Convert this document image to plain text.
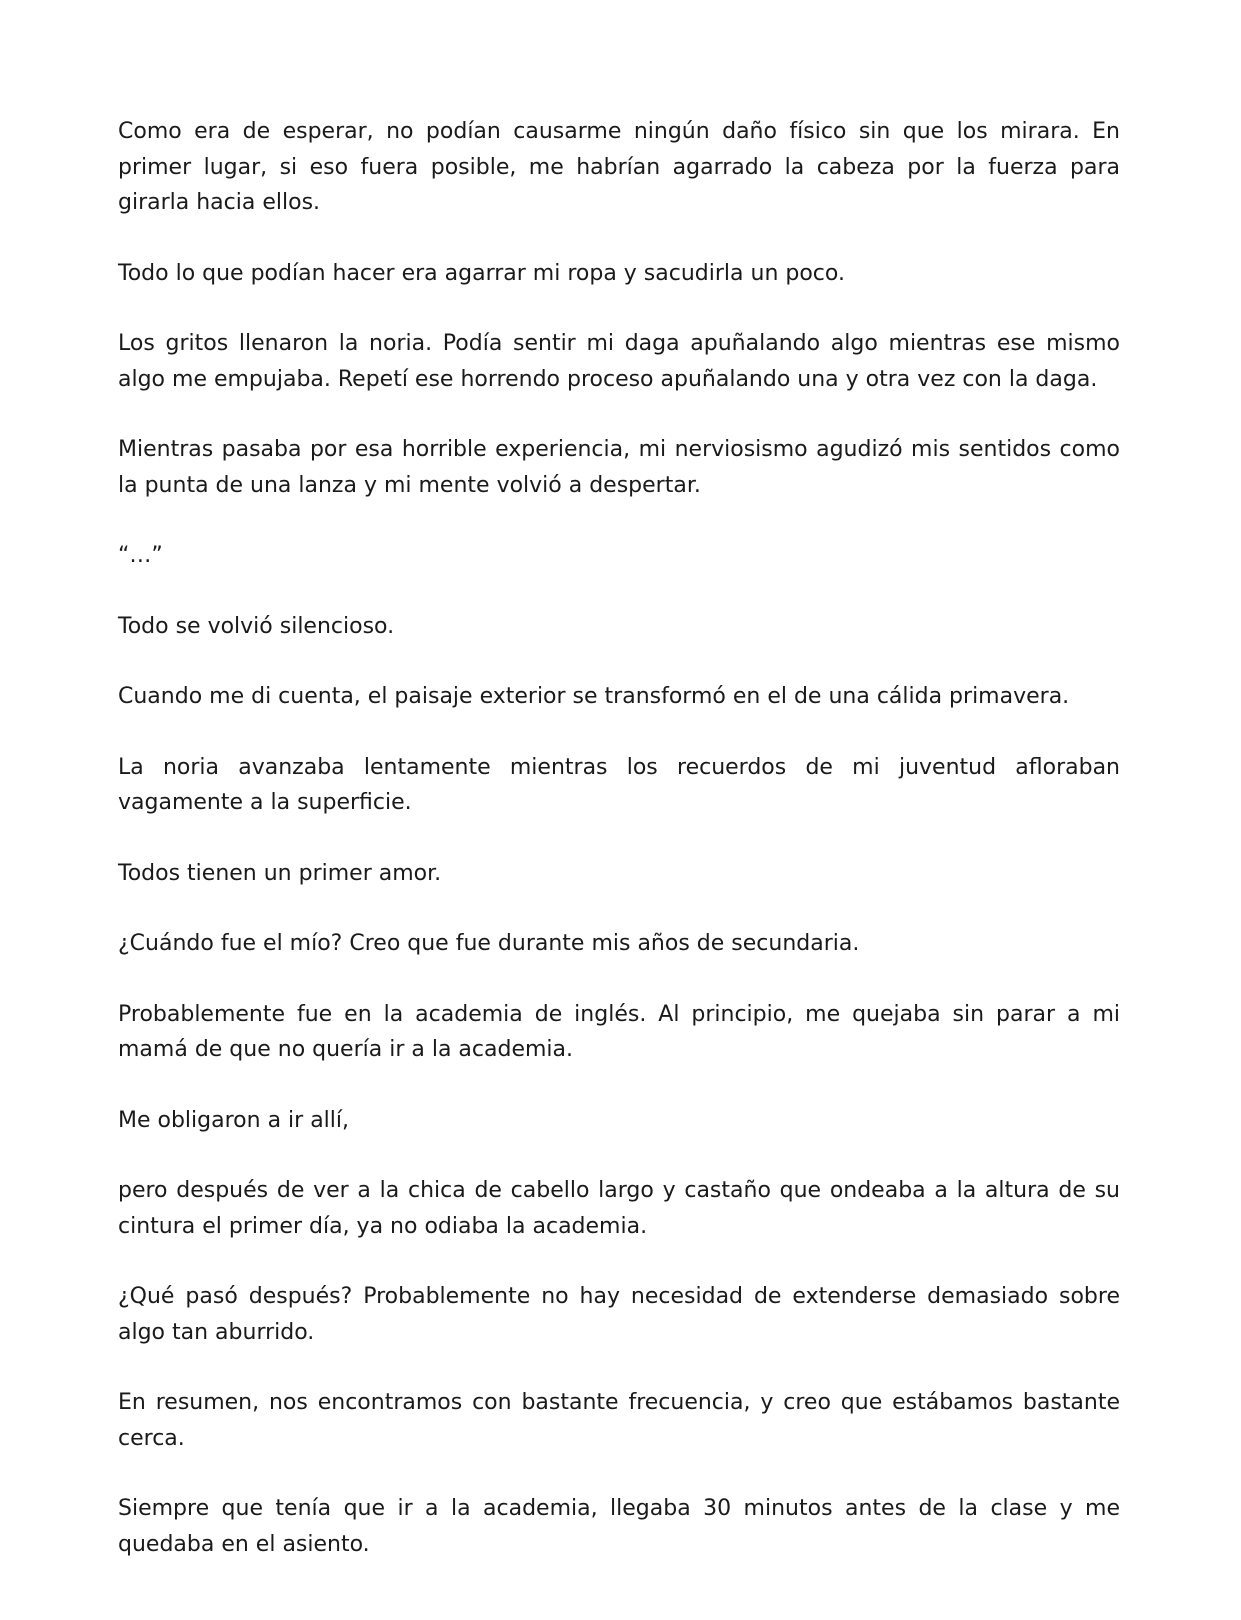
Como era de esperar, no podían causarme ningún daño físico sin que los mirara. En primer lugar, si eso fuera posible, me habrían agarrado la cabeza por la fuerza para girarla hacia ellos.

Todo lo que podían hacer era agarrar mi ropa y sacudirla un poco.

Los gritos llenaron la noria. Podía sentir mi daga apuñalando algo mientras ese mismo algo me empujaba. Repetí ese horrendo proceso apuñalando una y otra vez con la daga.

Mientras pasaba por esa horrible experiencia, mi nerviosismo agudizó mis sentidos como la punta de una lanza y mi mente volvió a despertar.

“…”

Todo se volvió silencioso.

Cuando me di cuenta, el paisaje exterior se transformó en el de una cálida primavera.

La noria avanzaba lentamente mientras los recuerdos de mi juventud afloraban vagamente a la superficie.

Todos tienen un primer amor.

¿Cuándo fue el mío? Creo que fue durante mis años de secundaria.

Probablemente fue en la academia de inglés. Al principio, me quejaba sin parar a mi mamá de que no quería ir a la academia.

Me obligaron a ir allí,

pero después de ver a la chica de cabello largo y castaño que ondeaba a la altura de su cintura el primer día, ya no odiaba la academia.

¿Qué pasó después? Probablemente no hay necesidad de extenderse demasiado sobre algo tan aburrido.

En resumen, nos encontramos con bastante frecuencia, y creo que estábamos bastante cerca.

Siempre que tenía que ir a la academia, llegaba 30 minutos antes de la clase y me quedaba en el asiento.
